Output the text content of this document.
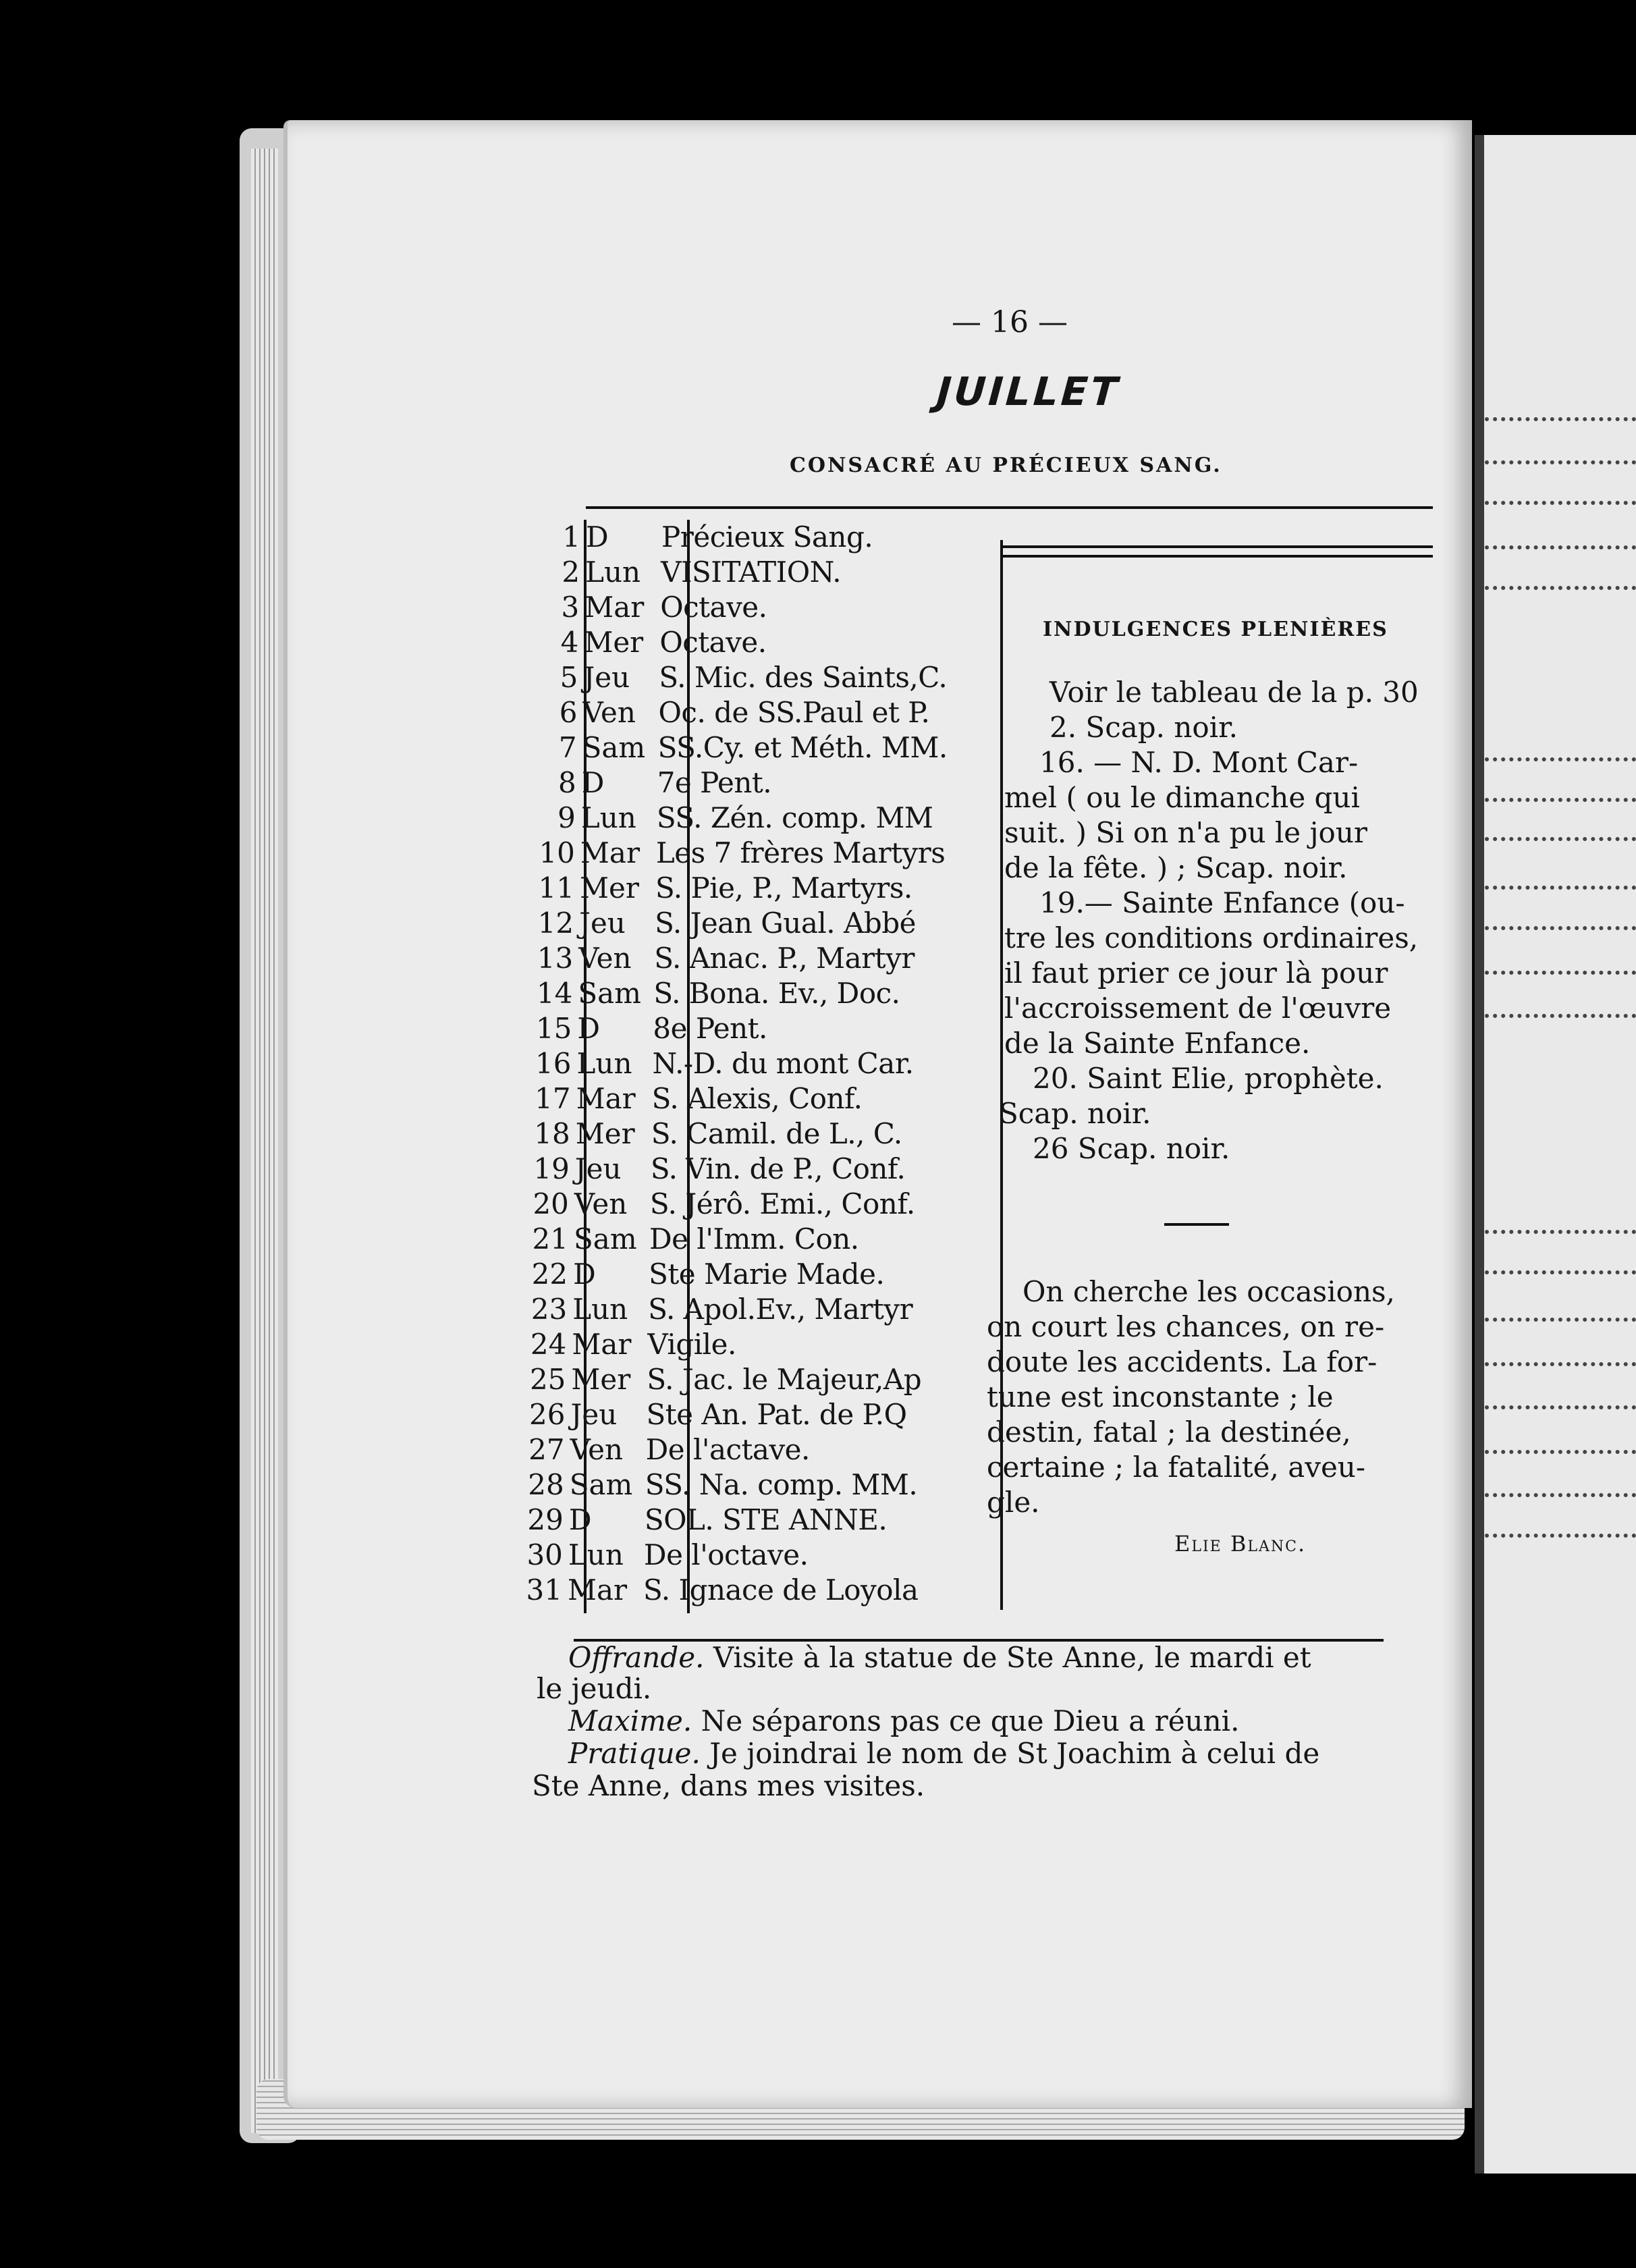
— 16 —
JUILLET
CONSACRÉ AU PRÉCIEUX SANG.
1 D Précieux Sang.
2 Lun VISITATION.
3 Mar Octave.
4 Mer Octave.
5 Jeu S. Mic. des Saints,C.
6 Ven Oc. de SS.Paul et P.
7 Sam SS.Cy. et Méth. MM.
8 D 7e Pent.
9 Lun SS. Zén. comp. MM
10 Mar Les 7 frères Martyrs
11 Mer S. Pie, P., Martyrs.
12 Jeu S. Jean Gual. Abbé
13 Ven S. Anac. P., Martyr
14 Sam S. Bona. Ev., Doc.
15 D 8e Pent.
16 Lun N.-D. du mont Car.
17 Mar S. Alexis, Conf.
18 Mer S. Camil. de L., C.
19 Jeu S. Vin. de P., Conf.
20 Ven S. Jérô. Emi., Conf.
21 Sam De l'Imm. Con.
22 D Ste Marie Made.
23 Lun S. Apol.Ev., Martyr
24 Mar Vigile.
25 Mer S. Jac. le Majeur,Ap
26 Jeu Ste An. Pat. de P.Q
27 Ven De l'actave.
28 Sam SS. Na. comp. MM.
29 D SOL. STE ANNE.
30 Lun De l'octave.
31 Mar S. Ignace de Loyola
INDULGENCES PLENIÈRES
Voir le tableau de la p. 30
2. Scap. noir.
16. — N. D. Mont Car-
mel ( ou le dimanche qui
suit. ) Si on n'a pu le jour
de la fête. ) ; Scap. noir.
19.— Sainte Enfance (ou-
tre les conditions ordinaires,
il faut prier ce jour là pour
l'accroissement de l'œuvre
de la Sainte Enfance.
20. Saint Elie, prophète.
Scap. noir.
26 Scap. noir.
On cherche les occasions,
on court les chances, on re-
doute les accidents. La for-
tune est inconstante ; le
destin, fatal ; la destinée,
certaine ; la fatalité, aveu-
gle.
Elie Blanc.
Offrande. Visite à la statue de Ste Anne, le mardi et
le jeudi.
Maxime. Ne séparons pas ce que Dieu a réuni.
Pratique. Je joindrai le nom de St Joachim à celui de
Ste Anne, dans mes visites.
